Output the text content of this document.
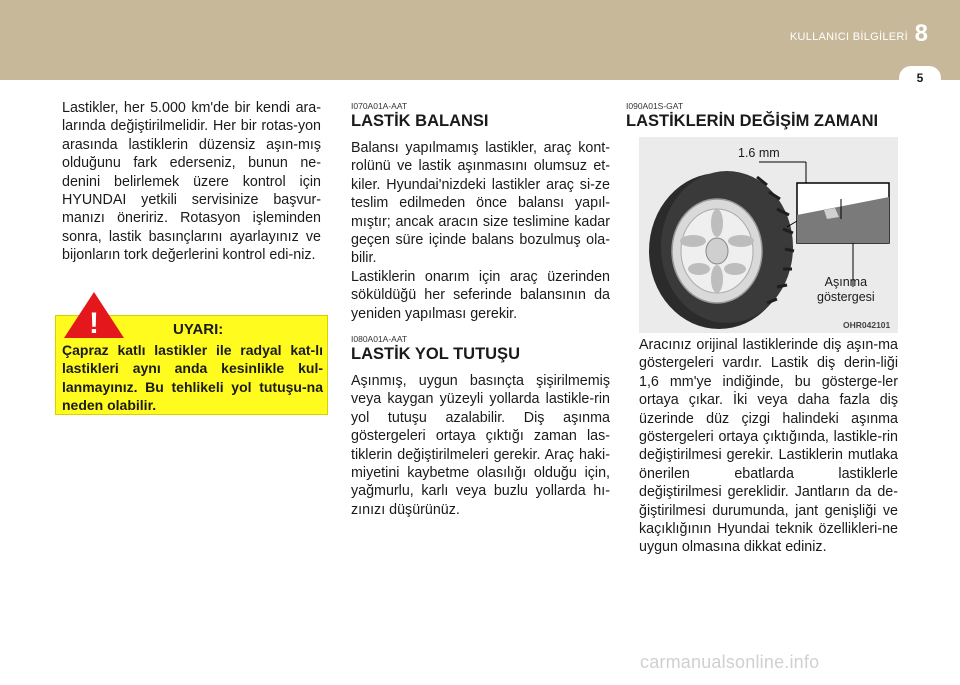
KULLANICI BİLGİLERİ 8
5

Lastikler, her 5.000 km'de bir kendi ara-larında değiştirilmelidir. Her bir rotas-yon arasında lastiklerin düzensiz aşın-mış olduğunu fark ederseniz, bunun ne-denini belirlemek üzere kontrol için HYUNDAI yetkili servisinize başvur-manızı öneririz. Rotasyon işleminden sonra, lastik basınçlarını ayarlayınız ve bijonların tork değerlerini kontrol edi-niz.

UYARI:
Çapraz katlı lastikler ile radyal kat-lı lastikleri aynı anda kesinlikle kul-lanmayınız. Bu tehlikeli yol tutuşu-na neden olabilir.
!
I070A01A-AAT
LASTİK BALANSI

Balansı yapılmamış lastikler, araç kont-rolünü ve lastik aşınmasını olumsuz et-kiler. Hyundai'nizdeki lastikler araç si-ze teslim edilmeden önce balansı yapıl-mıştır; ancak aracın size teslimine kadar geçen süre içinde balans bozulmuş ola-bilir.

Lastiklerin onarım için araç üzerinden söküldüğü her seferinde balansının da yeniden yapılması gerekir.

I080A01A-AAT
LASTİK YOL TUTUŞU

Aşınmış, uygun basınçta şişirilmemiş veya kaygan yüzeyli yollarda lastikle-rin yol tutuşu azalabilir. Diş aşınma göstergeleri ortaya çıktığı zaman las-tiklerin değiştirilmeleri gerekir. Araç haki-miyetini kaybetme olasılığı olduğu için, yağmurlu, karlı veya buzlu yollarda hı-zınızı düşürünüz.

I090A01S-GAT
LASTİKLERİN DEĞİŞİM ZAMANI
1.6 mm
Aşınma
göstergesi
OHR042101

Aracınız orijinal lastiklerinde diş aşın-ma göstergeleri vardır. Lastik diş derin-liği 1,6 mm'ye indiğinde, bu gösterge-ler ortaya çıkar. İki veya daha fazla diş üzerinde düz çizgi halindeki aşınma göstergeleri ortaya çıktığında, lastikle-rin değiştirilmesi gerekir. Lastiklerin mutlaka önerilen ebatlarda lastiklerle değiştirilmesi gereklidir. Jantların da de-ğiştirilmesi durumunda, jant genişliği ve kaçıklığının Hyundai teknik özellikleri-ne uygun olmasına dikkat ediniz.

carmanualsonline.info
